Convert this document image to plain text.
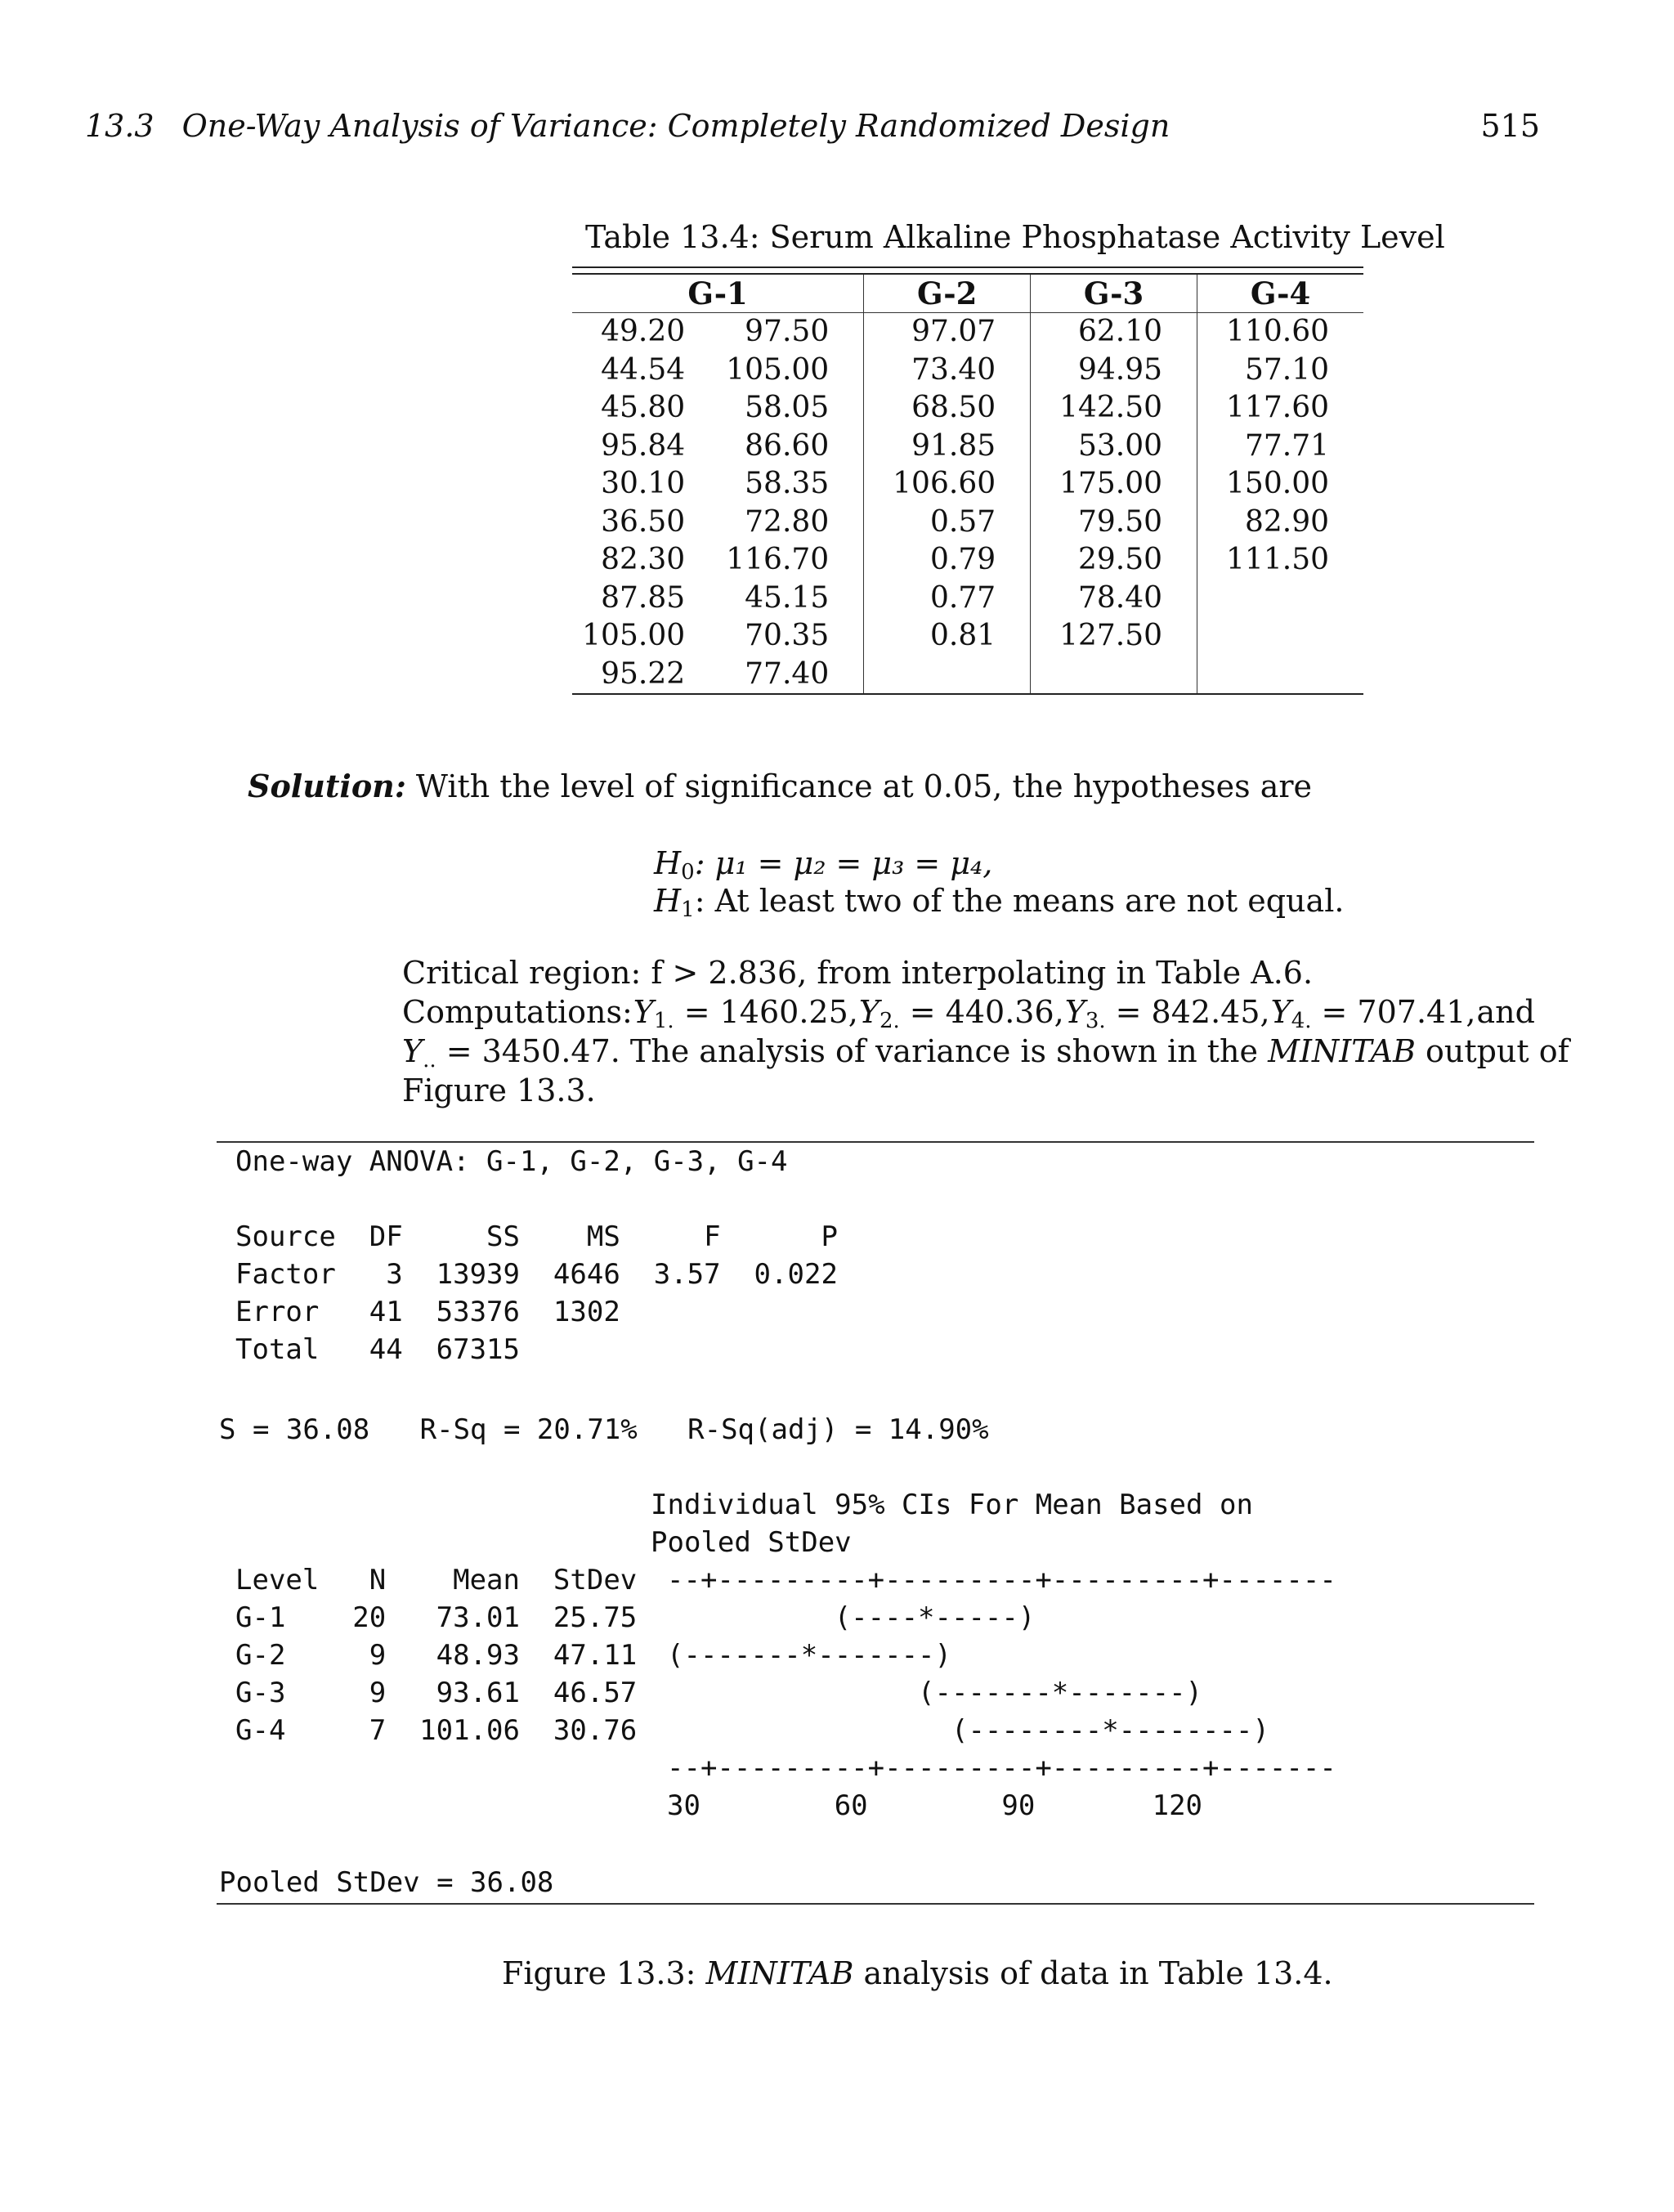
13.3 One-Way Analysis of Variance: Completely Randomized Design	515
Table 13.4: Serum Alkaline Phosphatase Activity Level
G-1		G-2	G-3	G-4
49.20	97.50	97.07	62.10	110.60
44.54	105.00	73.40	94.95	57.10
45.80	58.05	68.50	142.50	117.60
95.84	86.60	91.85	53.00	77.71
30.10	58.35	106.60	175.00	150.00
36.50	72.80	0.57	79.50	82.90
82.30	116.70	0.79	29.50	111.50
87.85	45.15	0.77	78.40	
105.00	70.35	0.81	127.50	
95.22	77.40			
Solution: With the level of significance at 0.05, the hypotheses are
$H_0$: μ₁ = μ₂ = μ₃ = μ₄,
$H_1$: At least two of the means are not equal.
Critical region: f > 2.836, from interpolating in Table A.6.
Computations: $Y_{1.} = 1460.25$, $Y_{2.} = 440.36$, $Y_{3.} = 842.45$, $Y_{4.} = 707.41$, and
$Y_{..} = 3450.47$. The analysis of variance is shown in the MINITAB output of
Figure 13.3.
One-way ANOVA: G-1, G-2, G-3, G-4
Source  DF     SS    MS     F      P
Factor   3  13939  4646  3.57  0.022
Error   41  53376  1302
Total   44  67315
S = 36.08   R-Sq = 20.71%   R-Sq(adj) = 14.90%
Individual 95% CIs For Mean Based on
Pooled StDev
Level   N    Mean  StDev --+---------+---------+---------+-------
G-1    20   73.01  25.75 (----*-----)
G-2     9   48.93  47.11 (-------*-------)
G-3     9   93.61  46.57 (-------*-------)
G-4     7  101.06  30.76 (--------*--------)
--+---------+---------+---------+-------
30        60        90       120
Pooled StDev = 36.08
Figure 13.3: MINITAB analysis of data in Table 13.4.
